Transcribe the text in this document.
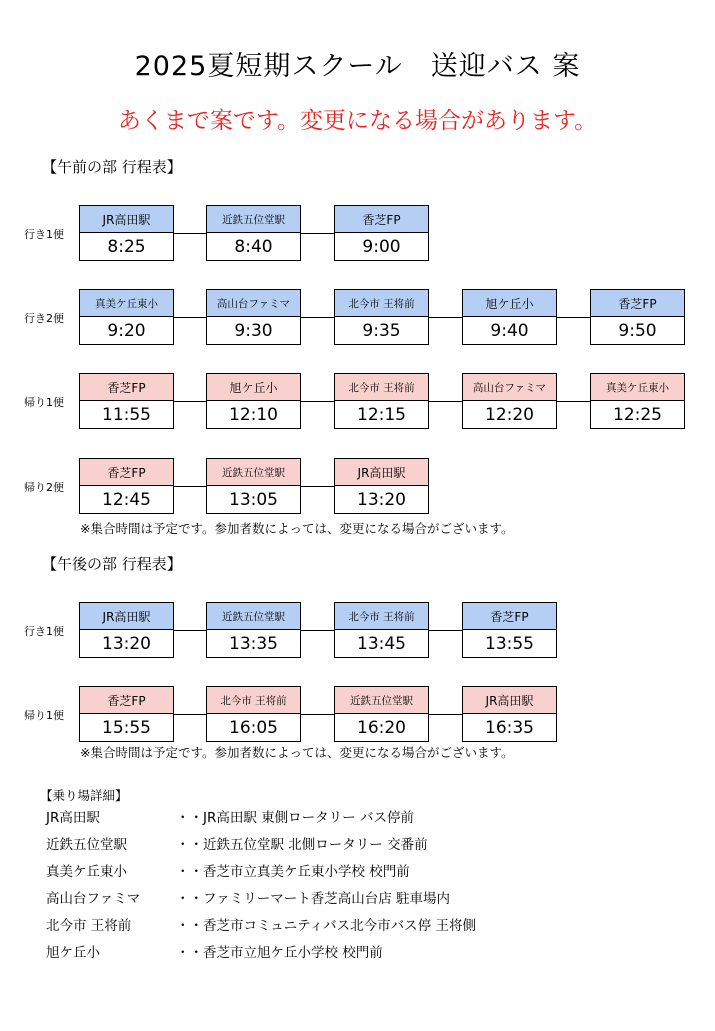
2025夏短期スクール　送迎バス 案
あくまで案です。変更になる場合があります。
【午前の部 行程表】
行き1便
JR高田駅
8:25
近鉄五位堂駅
8:40
香芝FP
9:00
行き2便
真美ケ丘東小
9:20
高山台ファミマ
9:30
北今市 王将前
9:35
旭ケ丘小
9:40
香芝FP
9:50
帰り1便
香芝FP
11:55
旭ケ丘小
12:10
北今市 王将前
12:15
高山台ファミマ
12:20
真美ケ丘東小
12:25
帰り2便
香芝FP
12:45
近鉄五位堂駅
13:05
JR高田駅
13:20
※集合時間は予定です。参加者数によっては、変更になる場合がございます。
【午後の部 行程表】
行き1便
JR高田駅
13:20
近鉄五位堂駅
13:35
北今市 王将前
13:45
香芝FP
13:55
帰り1便
香芝FP
15:55
北今市 王将前
16:05
近鉄五位堂駅
16:20
JR高田駅
16:35
※集合時間は予定です。参加者数によっては、変更になる場合がございます。
【乗り場詳細】
JR高田駅	・・JR高田駅 東側ロータリー バス停前
近鉄五位堂駅	・・近鉄五位堂駅 北側ロータリー 交番前
真美ケ丘東小	・・香芝市立真美ケ丘東小学校 校門前
高山台ファミマ	・・ファミリーマート香芝高山台店 駐車場内
北今市 王将前	・・香芝市コミュニティバス北今市バス停 王将側
旭ケ丘小	・・香芝市立旭ケ丘小学校 校門前
